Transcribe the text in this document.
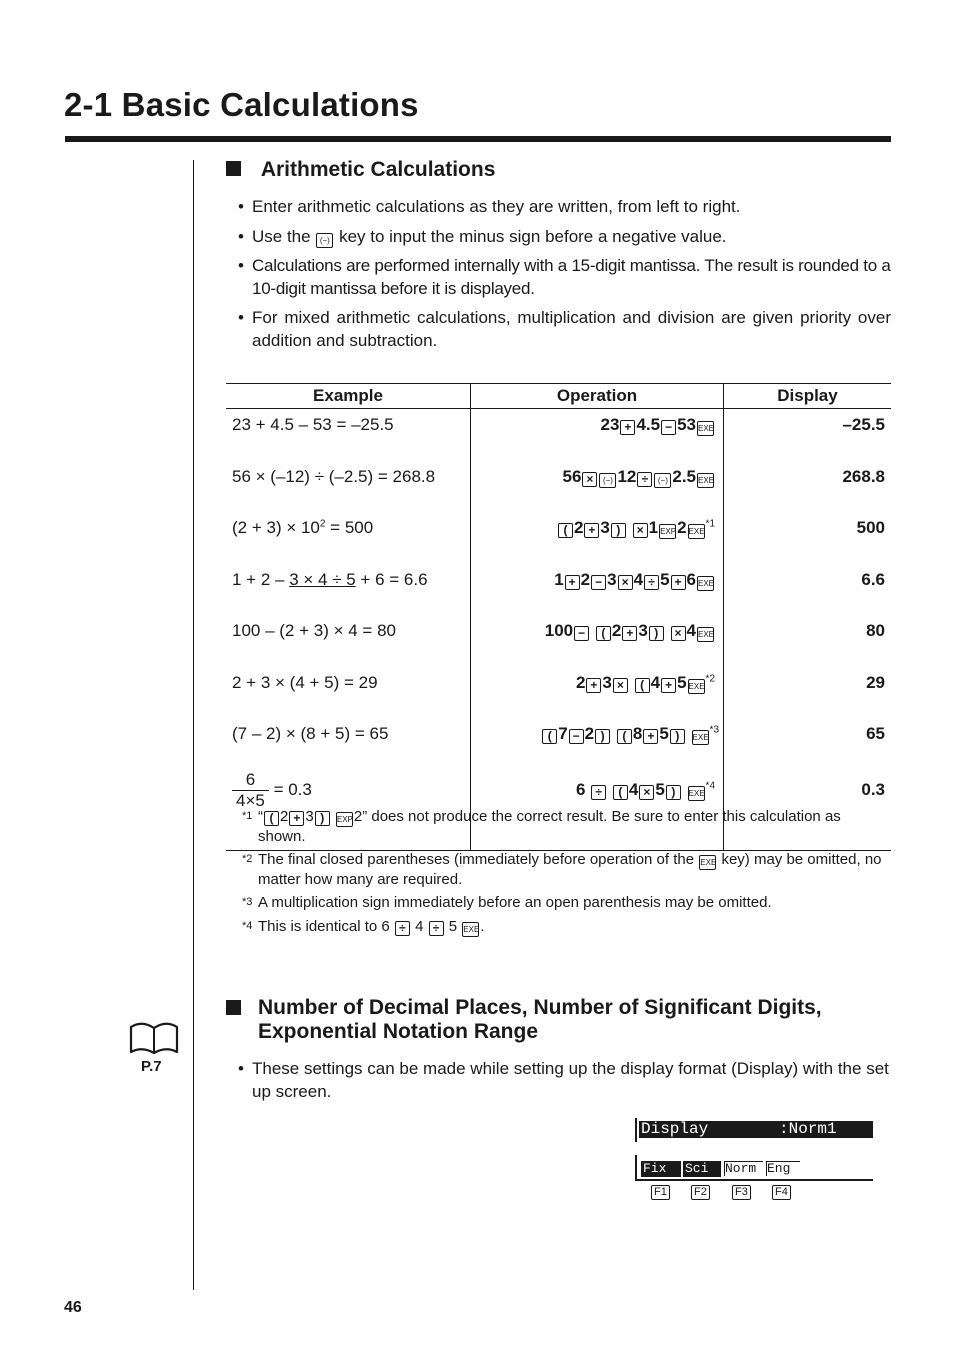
2-1 Basic Calculations
Arithmetic Calculations
• Enter arithmetic calculations as they are written, from left to right.
• Use the (−) key to input the minus sign before a negative value.
• Calculations are performed internally with a 15-digit mantissa. The result is rounded to a 10-digit mantissa before it is displayed.
• For mixed arithmetic calculations, multiplication and division are given priority over addition and subtraction.
Example	Operation	Display
23 + 4.5 – 53 = –25.5	23 + 4.5 − 53 EXE	–25.5
56 × (–12) ÷ (–2.5) = 268.8	56 × (−) 12 ÷ (−) 2.5 EXE	268.8
$(2 + 3) \times 10^2 = 500$	( 2 + 3 ) × 1 EXP2 EXE$^{*1}$	500
1 + 2 – 3 × 4 ÷ 5 + 6 = 6.6	1 + 2 − 3 × 4 ÷ 5 + 6 EXE	6.6
100 – (2 + 3) × 4 = 80	100 − ( 2 + 3 ) × 4 EXE	80
2 + 3 × (4 + 5) = 29	2 + 3 × ( 4 + 5 EXE$^{*2}$	29
(7 – 2) × (8 + 5) = 65	( 7 − 2 ) ( 8 + 5 ) EXE$^{*3}$	65

$\frac{6}{4\times 5} = 0.3$	6 ÷ ( 4 × 5 ) EXE$^{*4}$	0.3
*1 “ ( 2 + 3 ) EXP2” does not produce the correct result. Be sure to enter this calculation as shown.
*2 The final closed parentheses (immediately before operation of the EXE key) may be omitted, no matter how many are required.
*3 A multiplication sign immediately before an open parenthesis may be omitted.
*4 This is identical to 6 ÷ 4 ÷ 5 EXE.
Number of Decimal Places, Number of Significant Digits,
Exponential Notation Range
P.7	• These settings can be made while setting up the display format (Display) with the set up screen.
Display	:Norm1
Fix	Sci	Norm Eng
F1 F2	F3 F4
46
